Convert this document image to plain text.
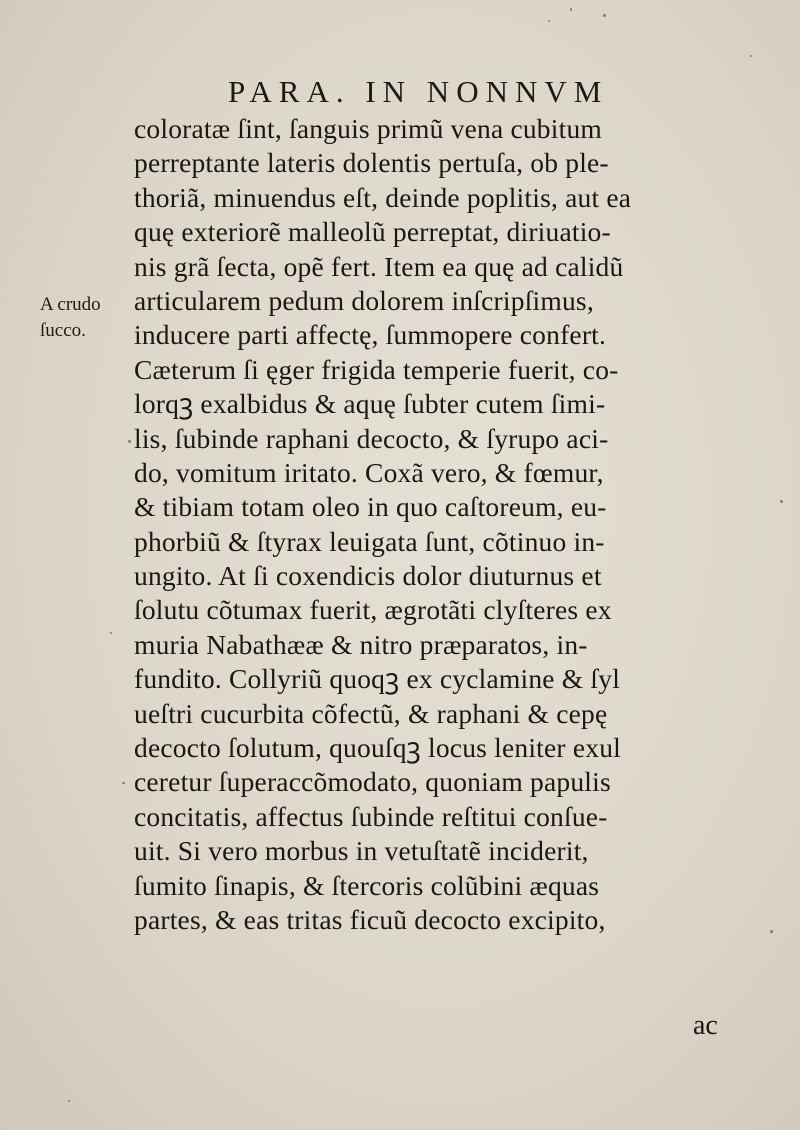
PARA. IN NONNVM
A crudo
ſucco.
coloratæ ſint, ſanguis primũ vena cubitum
perreptante lateris dolentis pertuſa, ob ple-
thoriã, minuendus eſt, deinde poplitis, aut ea
quę exteriorẽ malleolũ perreptat, diriuatio-
nis grã ſecta, opẽ fert. Item ea quę ad calidũ
articularem pedum dolorem inſcripſimus,
inducere parti affectę, ſummopere confert.
Cæterum ſi ęger frigida temperie fuerit, co-
lorqꝫ exalbidus & aquę ſubter cutem ſimi-
lis, ſubinde raphani decocto, & ſyrupo aci-
do, vomitum iritato. Coxã vero, & fœmur,
& tibiam totam oleo in quo caſtoreum, eu-
phorbiũ & ſtyrax leuigata ſunt, cõtinuo in-
ungito. At ſi coxendicis dolor diuturnus et
ſolutu cõtumax fuerit, ægrotãti clyſteres ex
muria Nabathææ & nitro præparatos, in-
fundito. Collyriũ quoqꝫ ex cyclamine & ſyl
ueſtri cucurbita cõfectũ, & raphani & cepę
decocto ſolutum, quouſqꝫ locus leniter exul
ceretur ſuperaccõmodato, quoniam papulis
concitatis, affectus ſubinde reſtitui conſue-
uit. Si vero morbus in vetuſtatẽ inciderit,
ſumito ſinapis, & ſtercoris colũbini æquas
partes, & eas tritas ficuũ decocto excipito,
ac
